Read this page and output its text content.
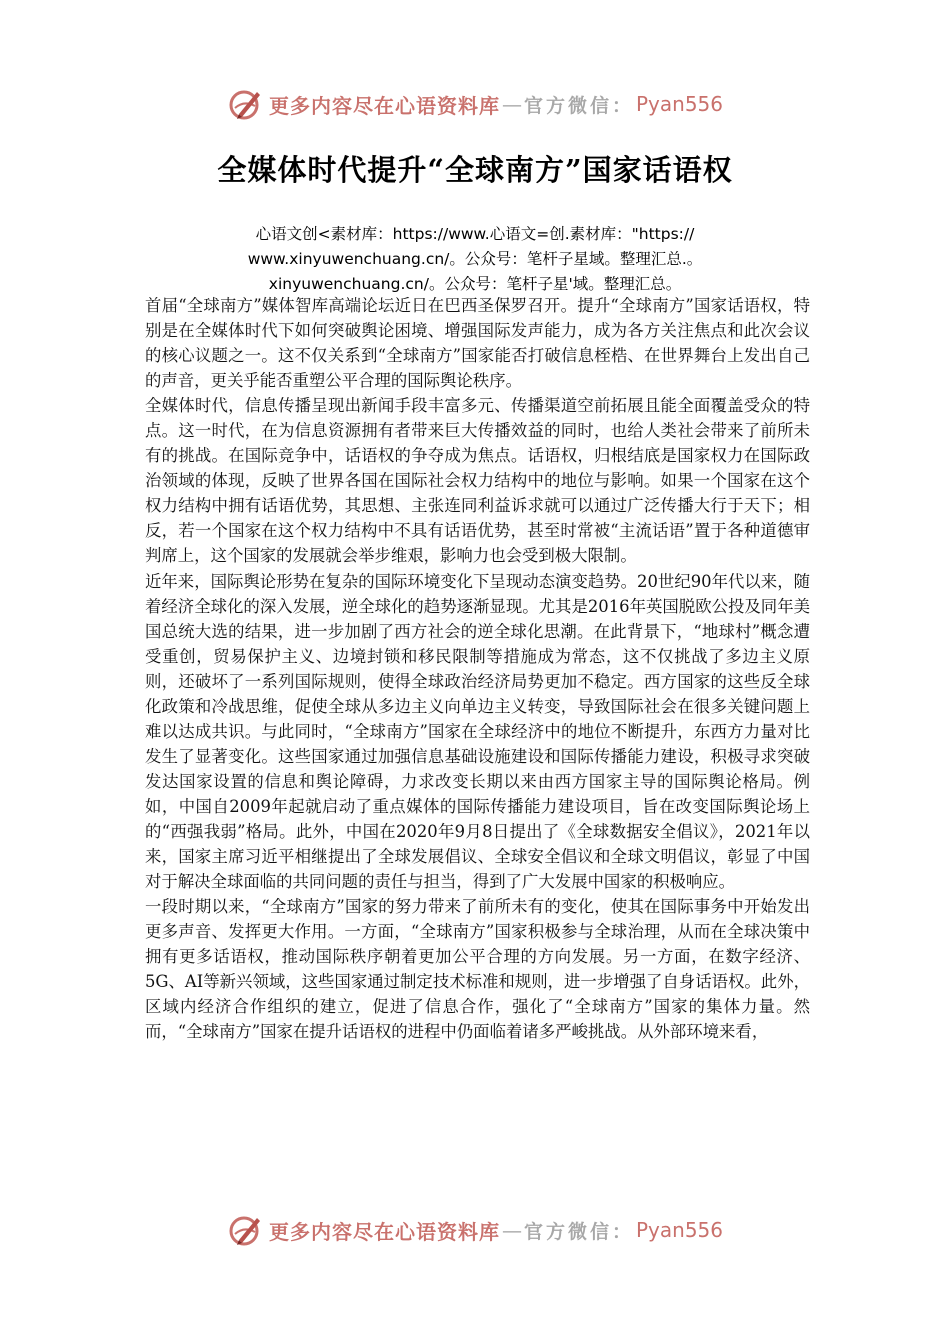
更多内容尽在心语资料库 — 官方微信： Pyan556
全媒体时代提升“全球南方”国家话语权
心语文创<素材库：https://www.心语文=创.素材库："https://
www.xinyuwenchuang.cn/。公众号：笔杆子星域。整理汇总.。
xinyuwenchuang.cn/。公众号：笔杆子星'域。整理汇总。

首届“全球南方”媒体智库高端论坛近日在巴西圣保罗召开。提升“全球南方”国家话语权，特别是在全媒体时代下如何突破舆论困境、增强国际发声能力，成为各方关注焦点和此次会议的核心议题之一。这不仅关系到“全球南方”国家能否打破信息桎梏、在世界舞台上发出自己的声音，更关乎能否重塑公平合理的国际舆论秩序。

全媒体时代，信息传播呈现出新闻手段丰富多元、传播渠道空前拓展且能全面覆盖受众的特点。这一时代，在为信息资源拥有者带来巨大传播效益的同时，也给人类社会带来了前所未有的挑战。在国际竞争中，话语权的争夺成为焦点。话语权，归根结底是国家权力在国际政治领域的体现，反映了世界各国在国际社会权力结构中的地位与影响。如果一个国家在这个权力结构中拥有话语优势，其思想、主张连同利益诉求就可以通过广泛传播大行于天下；相反，若一个国家在这个权力结构中不具有话语优势，甚至时常被“主流话语”置于各种道德审判席上，这个国家的发展就会举步维艰，影响力也会受到极大限制。

近年来，国际舆论形势在复杂的国际环境变化下呈现动态演变趋势。20世纪90年代以来，随着经济全球化的深入发展，逆全球化的趋势逐渐显现。尤其是2016年英国脱欧公投及同年美国总统大选的结果，进一步加剧了西方社会的逆全球化思潮。在此背景下，“地球村”概念遭受重创，贸易保护主义、边境封锁和移民限制等措施成为常态，这不仅挑战了多边主义原则，还破坏了一系列国际规则，使得全球政治经济局势更加不稳定。西方国家的这些反全球化政策和冷战思维，促使全球从多边主义向单边主义转变，导致国际社会在很多关键问题上难以达成共识。与此同时，“全球南方”国家在全球经济中的地位不断提升，东西方力量对比发生了显著变化。这些国家通过加强信息基础设施建设和国际传播能力建设，积极寻求突破发达国家设置的信息和舆论障碍，力求改变长期以来由西方国家主导的国际舆论格局。例如，中国自2009年起就启动了重点媒体的国际传播能力建设项目，旨在改变国际舆论场上的“西强我弱”格局。此外，中国在2020年9月8日提出了《全球数据安全倡议》，2021年以来，国家主席习近平相继提出了全球发展倡议、全球安全倡议和全球文明倡议，彰显了中国对于解决全球面临的共同问题的责任与担当，得到了广大发展中国家的积极响应。

一段时期以来，“全球南方”国家的努力带来了前所未有的变化，使其在国际事务中开始发出更多声音、发挥更大作用。一方面，“全球南方”国家积极参与全球治理，从而在全球决策中拥有更多话语权，推动国际秩序朝着更加公平合理的方向发展。另一方面，在数字经济、5G、AI等新兴领域，这些国家通过制定技术标准和规则，进一步增强了自身话语权。此外，区域内经济合作组织的建立，促进了信息合作，强化了“全球南方”国家的集体力量。然而，“全球南方”国家在提升话语权的进程中仍面临着诸多严峻挑战。从外部环境来看，

更多内容尽在心语资料库 — 官方微信： Pyan556
